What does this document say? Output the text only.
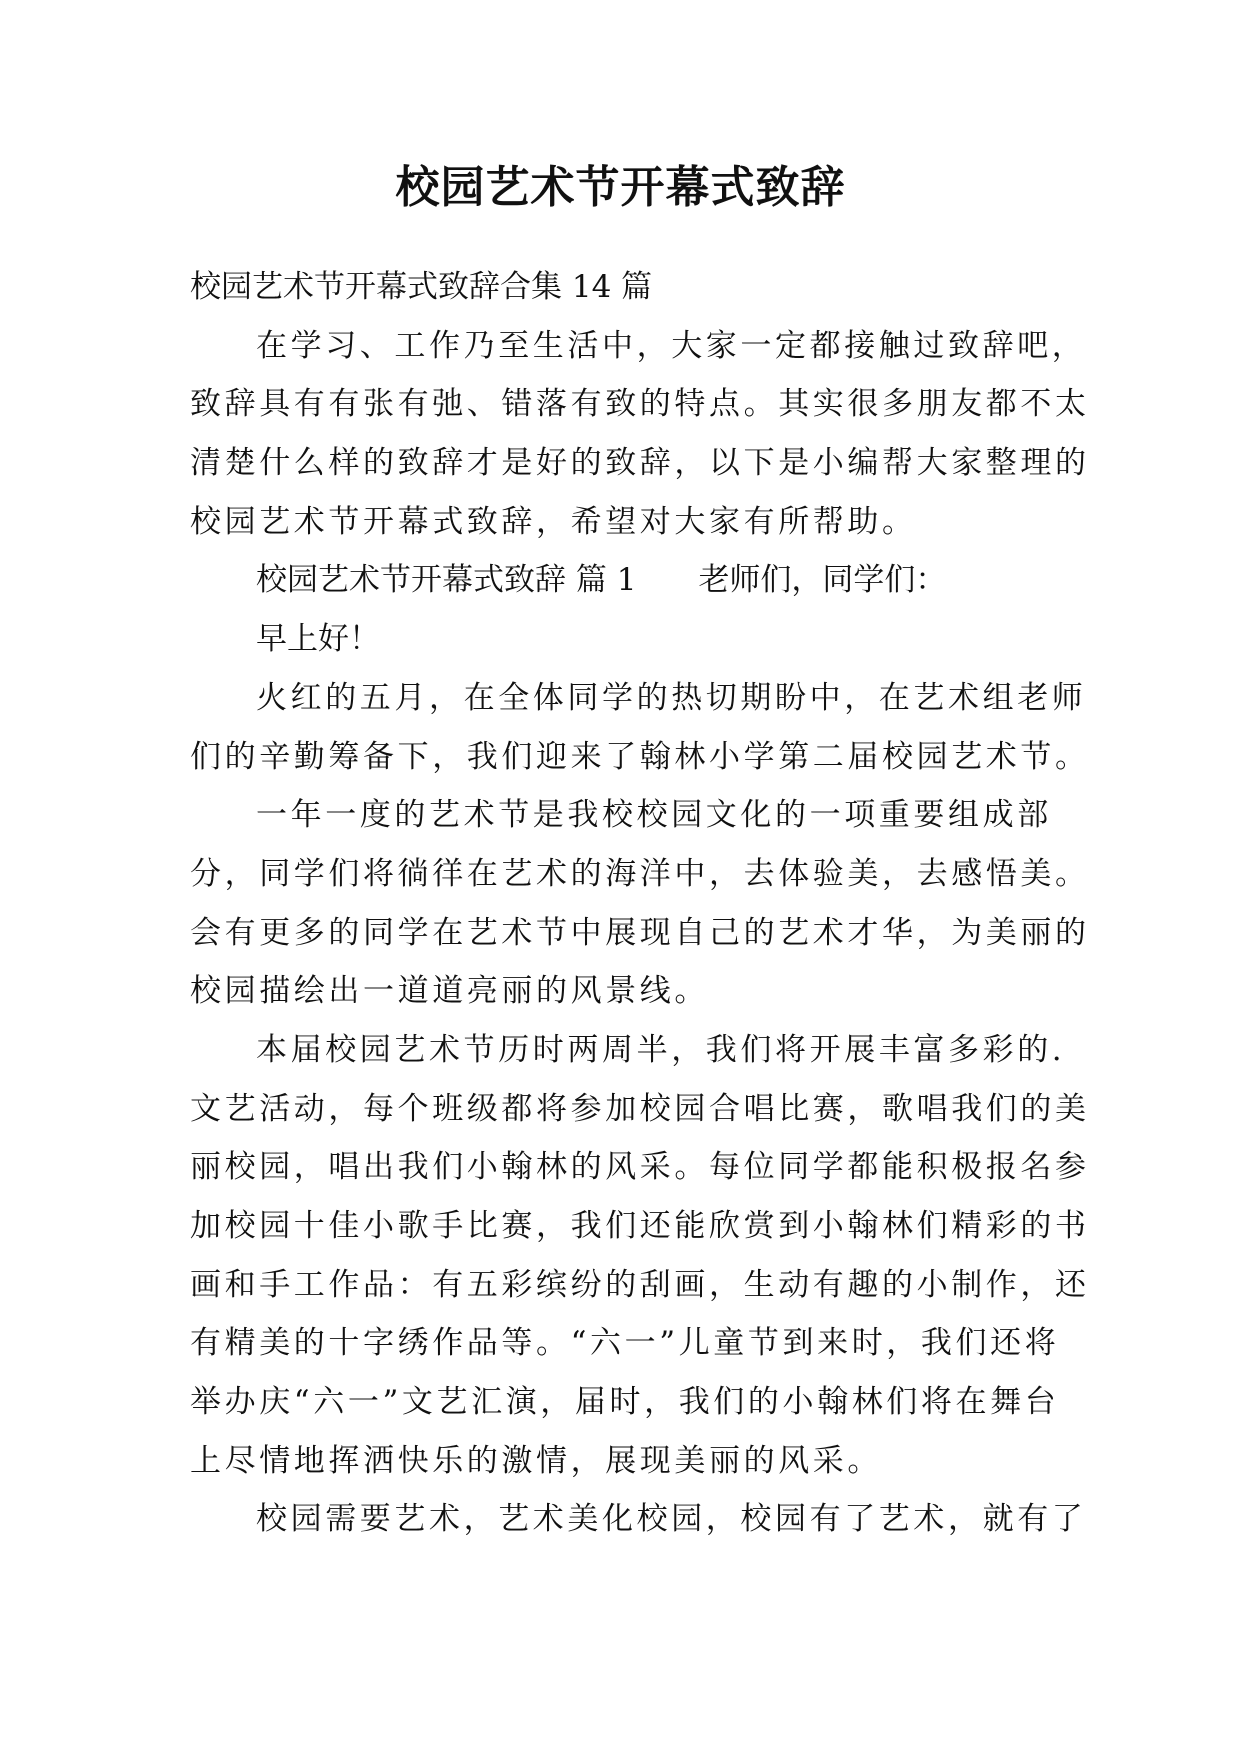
校园艺术节开幕式致辞
校园艺术节开幕式致辞合集 14 篇
在学习、工作乃至生活中，大家一定都接触过致辞吧，
致辞具有有张有弛、错落有致的特点。其实很多朋友都不太
清楚什么样的致辞才是好的致辞，以下是小编帮大家整理的
校园艺术节开幕式致辞，希望对大家有所帮助。
校园艺术节开幕式致辞 篇 1 老师们，同学们：
早上好！
火红的五月，在全体同学的热切期盼中，在艺术组老师
们的辛勤筹备下，我们迎来了翰林小学第二届校园艺术节。
一年一度的艺术节是我校校园文化的一项重要组成部
分，同学们将徜徉在艺术的海洋中，去体验美，去感悟美。
会有更多的同学在艺术节中展现自己的艺术才华，为美丽的
校园描绘出一道道亮丽的风景线。
本届校园艺术节历时两周半，我们将开展丰富多彩的.
文艺活动，每个班级都将参加校园合唱比赛，歌唱我们的美
丽校园，唱出我们小翰林的风采。每位同学都能积极报名参
加校园十佳小歌手比赛，我们还能欣赏到小翰林们精彩的书
画和手工作品：有五彩缤纷的刮画，生动有趣的小制作，还
有精美的十字绣作品等。“六一”儿童节到来时，我们还将
举办庆“六一”文艺汇演，届时，我们的小翰林们将在舞台
上尽情地挥洒快乐的激情，展现美丽的风采。
校园需要艺术，艺术美化校园，校园有了艺术，就有了
